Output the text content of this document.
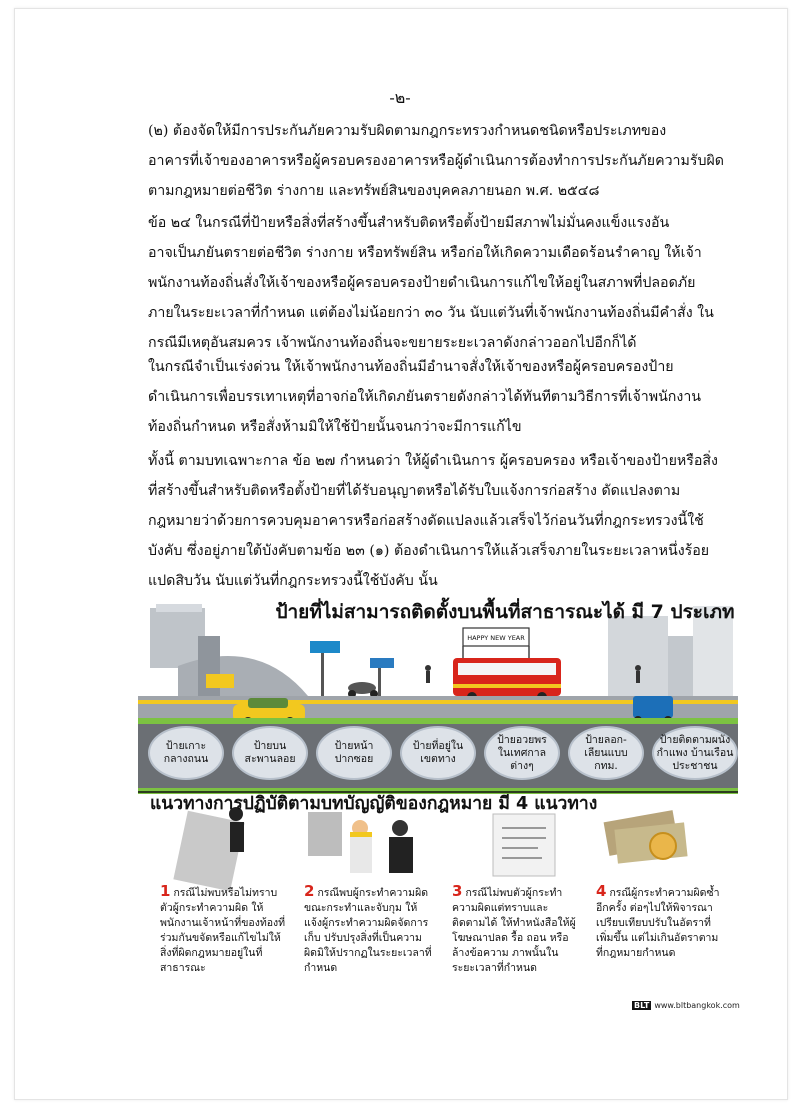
-๒-

(๒) ต้องจัดให้มีการประกันภัยความรับผิดตามกฎกระทรวงกำหนดชนิดหรือประเภทของ
อาคารที่เจ้าของอาคารหรือผู้ครอบครองอาคารหรือผู้ดำเนินการต้องทำการประกันภัยความรับผิด
ตามกฎหมายต่อชีวิต ร่างกาย และทรัพย์สินของบุคคลภายนอก พ.ศ. ๒๕๔๘

ข้อ ๒๔ ในกรณีที่ป้ายหรือสิ่งที่สร้างขึ้นสำหรับติดหรือตั้งป้ายมีสภาพไม่มั่นคงแข็งแรงอัน
อาจเป็นภยันตรายต่อชีวิต ร่างกาย หรือทรัพย์สิน หรือก่อให้เกิดความเดือดร้อนรำคาญ ให้เจ้า
พนักงานท้องถิ่นสั่งให้เจ้าของหรือผู้ครอบครองป้ายดำเนินการแก้ไขให้อยู่ในสภาพที่ปลอดภัย
ภายในระยะเวลาที่กำหนด แต่ต้องไม่น้อยกว่า ๓๐ วัน นับแต่วันที่เจ้าพนักงานท้องถิ่นมีคำสั่ง ใน
กรณีมีเหตุอันสมควร เจ้าพนักงานท้องถิ่นจะขยายระยะเวลาดังกล่าวออกไปอีกก็ได้

ในกรณีจำเป็นเร่งด่วน ให้เจ้าพนักงานท้องถิ่นมีอำนาจสั่งให้เจ้าของหรือผู้ครอบครองป้าย
ดำเนินการเพื่อบรรเทาเหตุที่อาจก่อให้เกิดภยันตรายดังกล่าวได้ทันทีตามวิธีการที่เจ้าพนักงาน
ท้องถิ่นกำหนด หรือสั่งห้ามมิให้ใช้ป้ายนั้นจนกว่าจะมีการแก้ไข

ทั้งนี้ ตามบทเฉพาะกาล ข้อ ๒๗ กำหนดว่า ให้ผู้ดำเนินการ ผู้ครอบครอง หรือเจ้าของป้ายหรือสิ่ง
ที่สร้างขึ้นสำหรับติดหรือตั้งป้ายที่ได้รับอนุญาตหรือได้รับใบแจ้งการก่อสร้าง ดัดแปลงตาม
กฎหมายว่าด้วยการควบคุมอาคารหรือก่อสร้างดัดแปลงแล้วเสร็จไว้ก่อนวันที่กฎกระทรวงนี้ใช้
บังคับ ซึ่งอยู่ภายใต้บังคับตามข้อ ๒๓ (๑) ต้องดำเนินการให้แล้วเสร็จภายในระยะเวลาหนึ่งร้อย
แปดสิบวัน นับแต่วันที่กฎกระทรวงนี้ใช้บังคับ นั้น

HAPPY NEW YEAR
ป้ายที่ไม่สามารถติดตั้งบนพื้นที่สาธารณะได้ มี 7 ประเภท
ป้ายเกาะ
กลางถนน
ป้ายบน
สะพานลอย
ป้ายหน้า
ปากซอย
ป้ายที่อยู่ใน
เขตทาง
ป้ายอวยพร
ในเทศกาล
ต่างๆ
ป้ายลอก-
เลียนแบบ
กทม.
ป้ายติดตามผนัง
กำแพง บ้านเรือน
ประชาชน
แนวทางการปฏิบัติตามบทบัญญัติของกฎหมาย มี 4 แนวทาง
1 กรณีไม่พบหรือไม่ทราบตัวผู้กระทำความผิด ให้พนักงานเจ้าหน้าที่ของท้องที่ร่วมกันขจัดหรือแก้ไขไม่ให้สิ่งที่ผิดกฎหมายอยู่ในที่สาธารณะ
2 กรณีพบผู้กระทำความผิดขณะกระทำและจับกุม ให้แจ้งผู้กระทำความผิดจัดการเก็บ ปรับปรุงสิ่งที่เป็นความผิดมิให้ปรากฏในระยะเวลาที่กำหนด
3 กรณีไม่พบตัวผู้กระทำความผิดแต่ทราบและติดตามได้ ให้ทำหนังสือให้ผู้โฆษณาปลด รื้อ ถอน หรือล้างข้อความ ภาพนั้นในระยะเวลาที่กำหนด
4 กรณีผู้กระทำความผิดซ้ำอีกครั้ง ต่อๆไปให้พิจารณาเปรียบเทียบปรับในอัตราที่เพิ่มขึ้น แต่ไม่เกินอัตราตามที่กฎหมายกำหนด
BLT www.bltbangkok.com
